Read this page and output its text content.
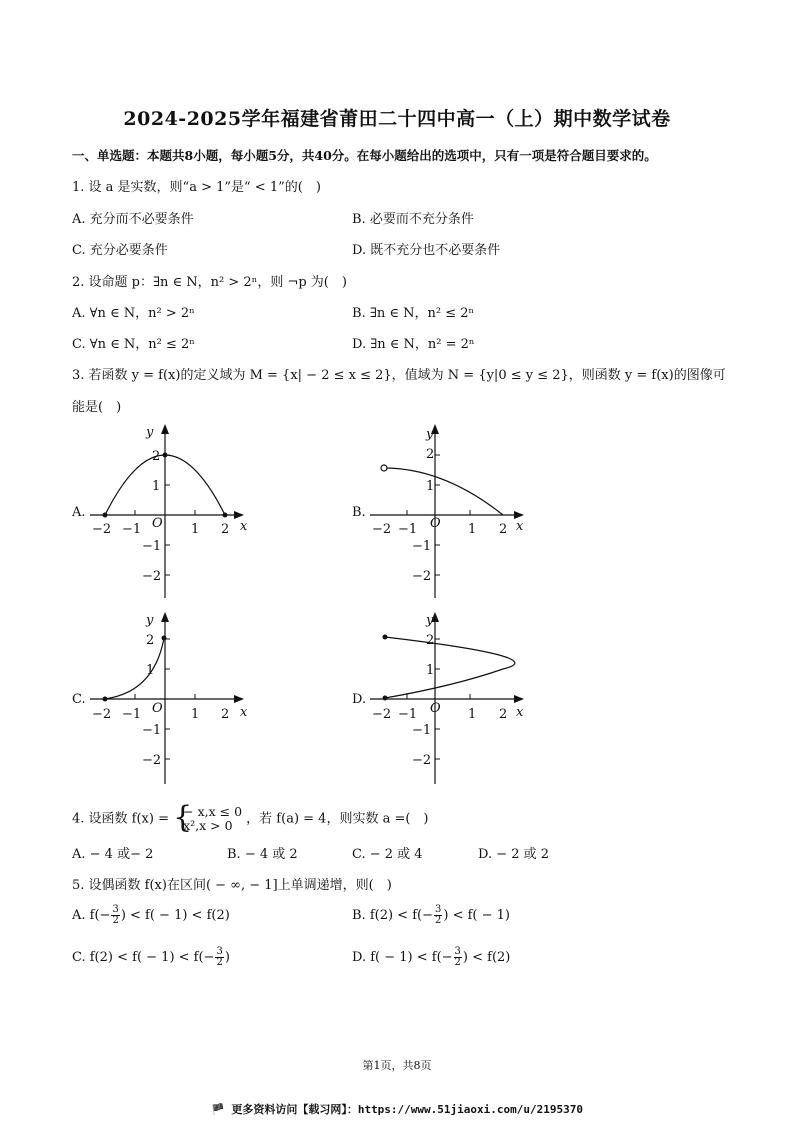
2024-2025学年福建省莆田二十四中高一（上）期中数学试卷
一、单选题：本题共8小题，每小题5分，共40分。在每小题给出的选项中，只有一项是符合题目要求的。
1. 设 a 是实数，则“a > 1”是“ < 1”的(　)
A. 充分而不必要条件	B. 必要而不充分条件
C. 充分必要条件	D. 既不充分也不必要条件
2. 设命题 p：∃n ∈ N，n² > 2ⁿ，则 ¬p 为(　)
A. ∀n ∈ N，n² > 2ⁿ	B. ∃n ∈ N，n² ≤ 2ⁿ
C. ∀n ∈ N，n² ≤ 2ⁿ	D. ∃n ∈ N，n² = 2ⁿ
3. 若函数 y = f(x)的定义域为 M = {x| − 2 ≤ x ≤ 2}，值域为 N = {y|0 ≤ y ≤ 2}，则函数 y = f(x)的图像可
能是(　)
A.
y
x
O
−2 −1	1 2
2
1
−1
−2
B.
y
x
O
−2 −1	1 2
2
1
−1
−2
C.
y
x
O
−2 −1	1 2
2
1
−1
−2
D.
y
x
O
−2 −1	1 2
2
1
−1
−2
4. 设函数 f(x) = {
− x,x ≤ 0
x²,x > 0	，若 f(a) = 4，则实数 a =(　)
A. − 4 或− 2	B. − 4 或 2	C. − 2 或 4	D. − 2 或 2
5. 设偶函数 f(x)在区间( − ∞, − 1]上单调递增，则(　)
A. $f(- \frac{3}{2}$ ) < f( − 1) < f(2)	B. $f(2) < f(- \frac{3}{2}$ ) < f( − 1)
C. $f(2) < f( - 1) < f(- \frac{3}{2}$ )	D. $f( - 1) < f(- \frac{3}{2}$ ) < f(2)
第1页，共8页
🏴 更多资料访问【载习网】：https://www.51jiaoxi.com/u/2195370
